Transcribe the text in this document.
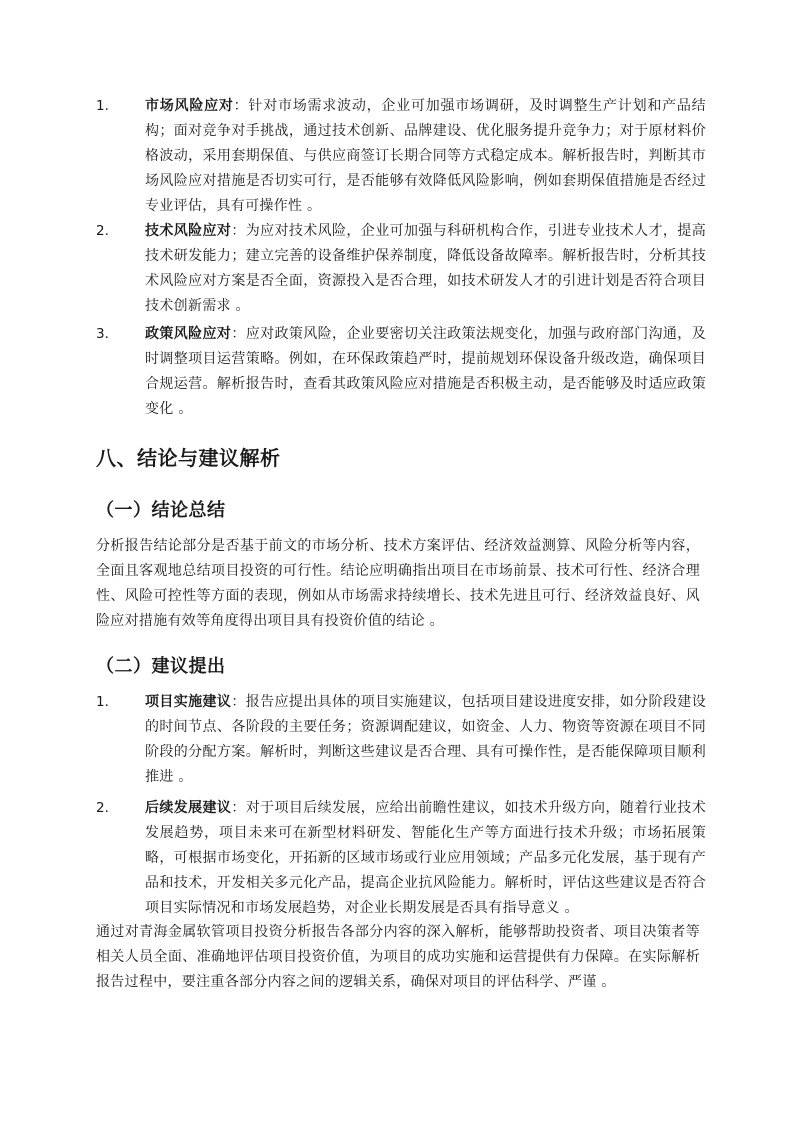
1.	市场风险应对：针对市场需求波动，企业可加强市场调研，及时调整生产计划和产品结构；面对竞争对手挑战，通过技术创新、品牌建设、优化服务提升竞争力；对于原材料价格波动，采用套期保值、与供应商签订长期合同等方式稳定成本。解析报告时，判断其市场风险应对措施是否切实可行，是否能够有效降低风险影响，例如套期保值措施是否经过专业评估，具有可操作性 。
2.	技术风险应对：为应对技术风险，企业可加强与科研机构合作，引进专业技术人才，提高技术研发能力；建立完善的设备维护保养制度，降低设备故障率。解析报告时，分析其技术风险应对方案是否全面，资源投入是否合理，如技术研发人才的引进计划是否符合项目技术创新需求 。
3.	政策风险应对：应对政策风险，企业要密切关注政策法规变化，加强与政府部门沟通，及时调整项目运营策略。例如，在环保政策趋严时，提前规划环保设备升级改造，确保项目合规运营。解析报告时，查看其政策风险应对措施是否积极主动，是否能够及时适应政策变化 。
八、结论与建议解析
（一）结论总结
分析报告结论部分是否基于前文的市场分析、技术方案评估、经济效益测算、风险分析等内容，全面且客观地总结项目投资的可行性。结论应明确指出项目在市场前景、技术可行性、经济合理性、风险可控性等方面的表现，例如从市场需求持续增长、技术先进且可行、经济效益良好、风险应对措施有效等角度得出项目具有投资价值的结论 。
（二）建议提出
1.	项目实施建议：报告应提出具体的项目实施建议，包括项目建设进度安排，如分阶段建设的时间节点、各阶段的主要任务；资源调配建议，如资金、人力、物资等资源在项目不同阶段的分配方案。解析时，判断这些建议是否合理、具有可操作性，是否能保障项目顺利推进 。
2.	后续发展建议：对于项目后续发展，应给出前瞻性建议，如技术升级方向，随着行业技术发展趋势，项目未来可在新型材料研发、智能化生产等方面进行技术升级；市场拓展策略，可根据市场变化，开拓新的区域市场或行业应用领域；产品多元化发展，基于现有产品和技术，开发相关多元化产品，提高企业抗风险能力。解析时，评估这些建议是否符合项目实际情况和市场发展趋势，对企业长期发展是否具有指导意义 。
通过对青海金属软管项目投资分析报告各部分内容的深入解析，能够帮助投资者、项目决策者等相关人员全面、准确地评估项目投资价值，为项目的成功实施和运营提供有力保障。在实际解析报告过程中，要注重各部分内容之间的逻辑关系，确保对项目的评估科学、严谨 。
